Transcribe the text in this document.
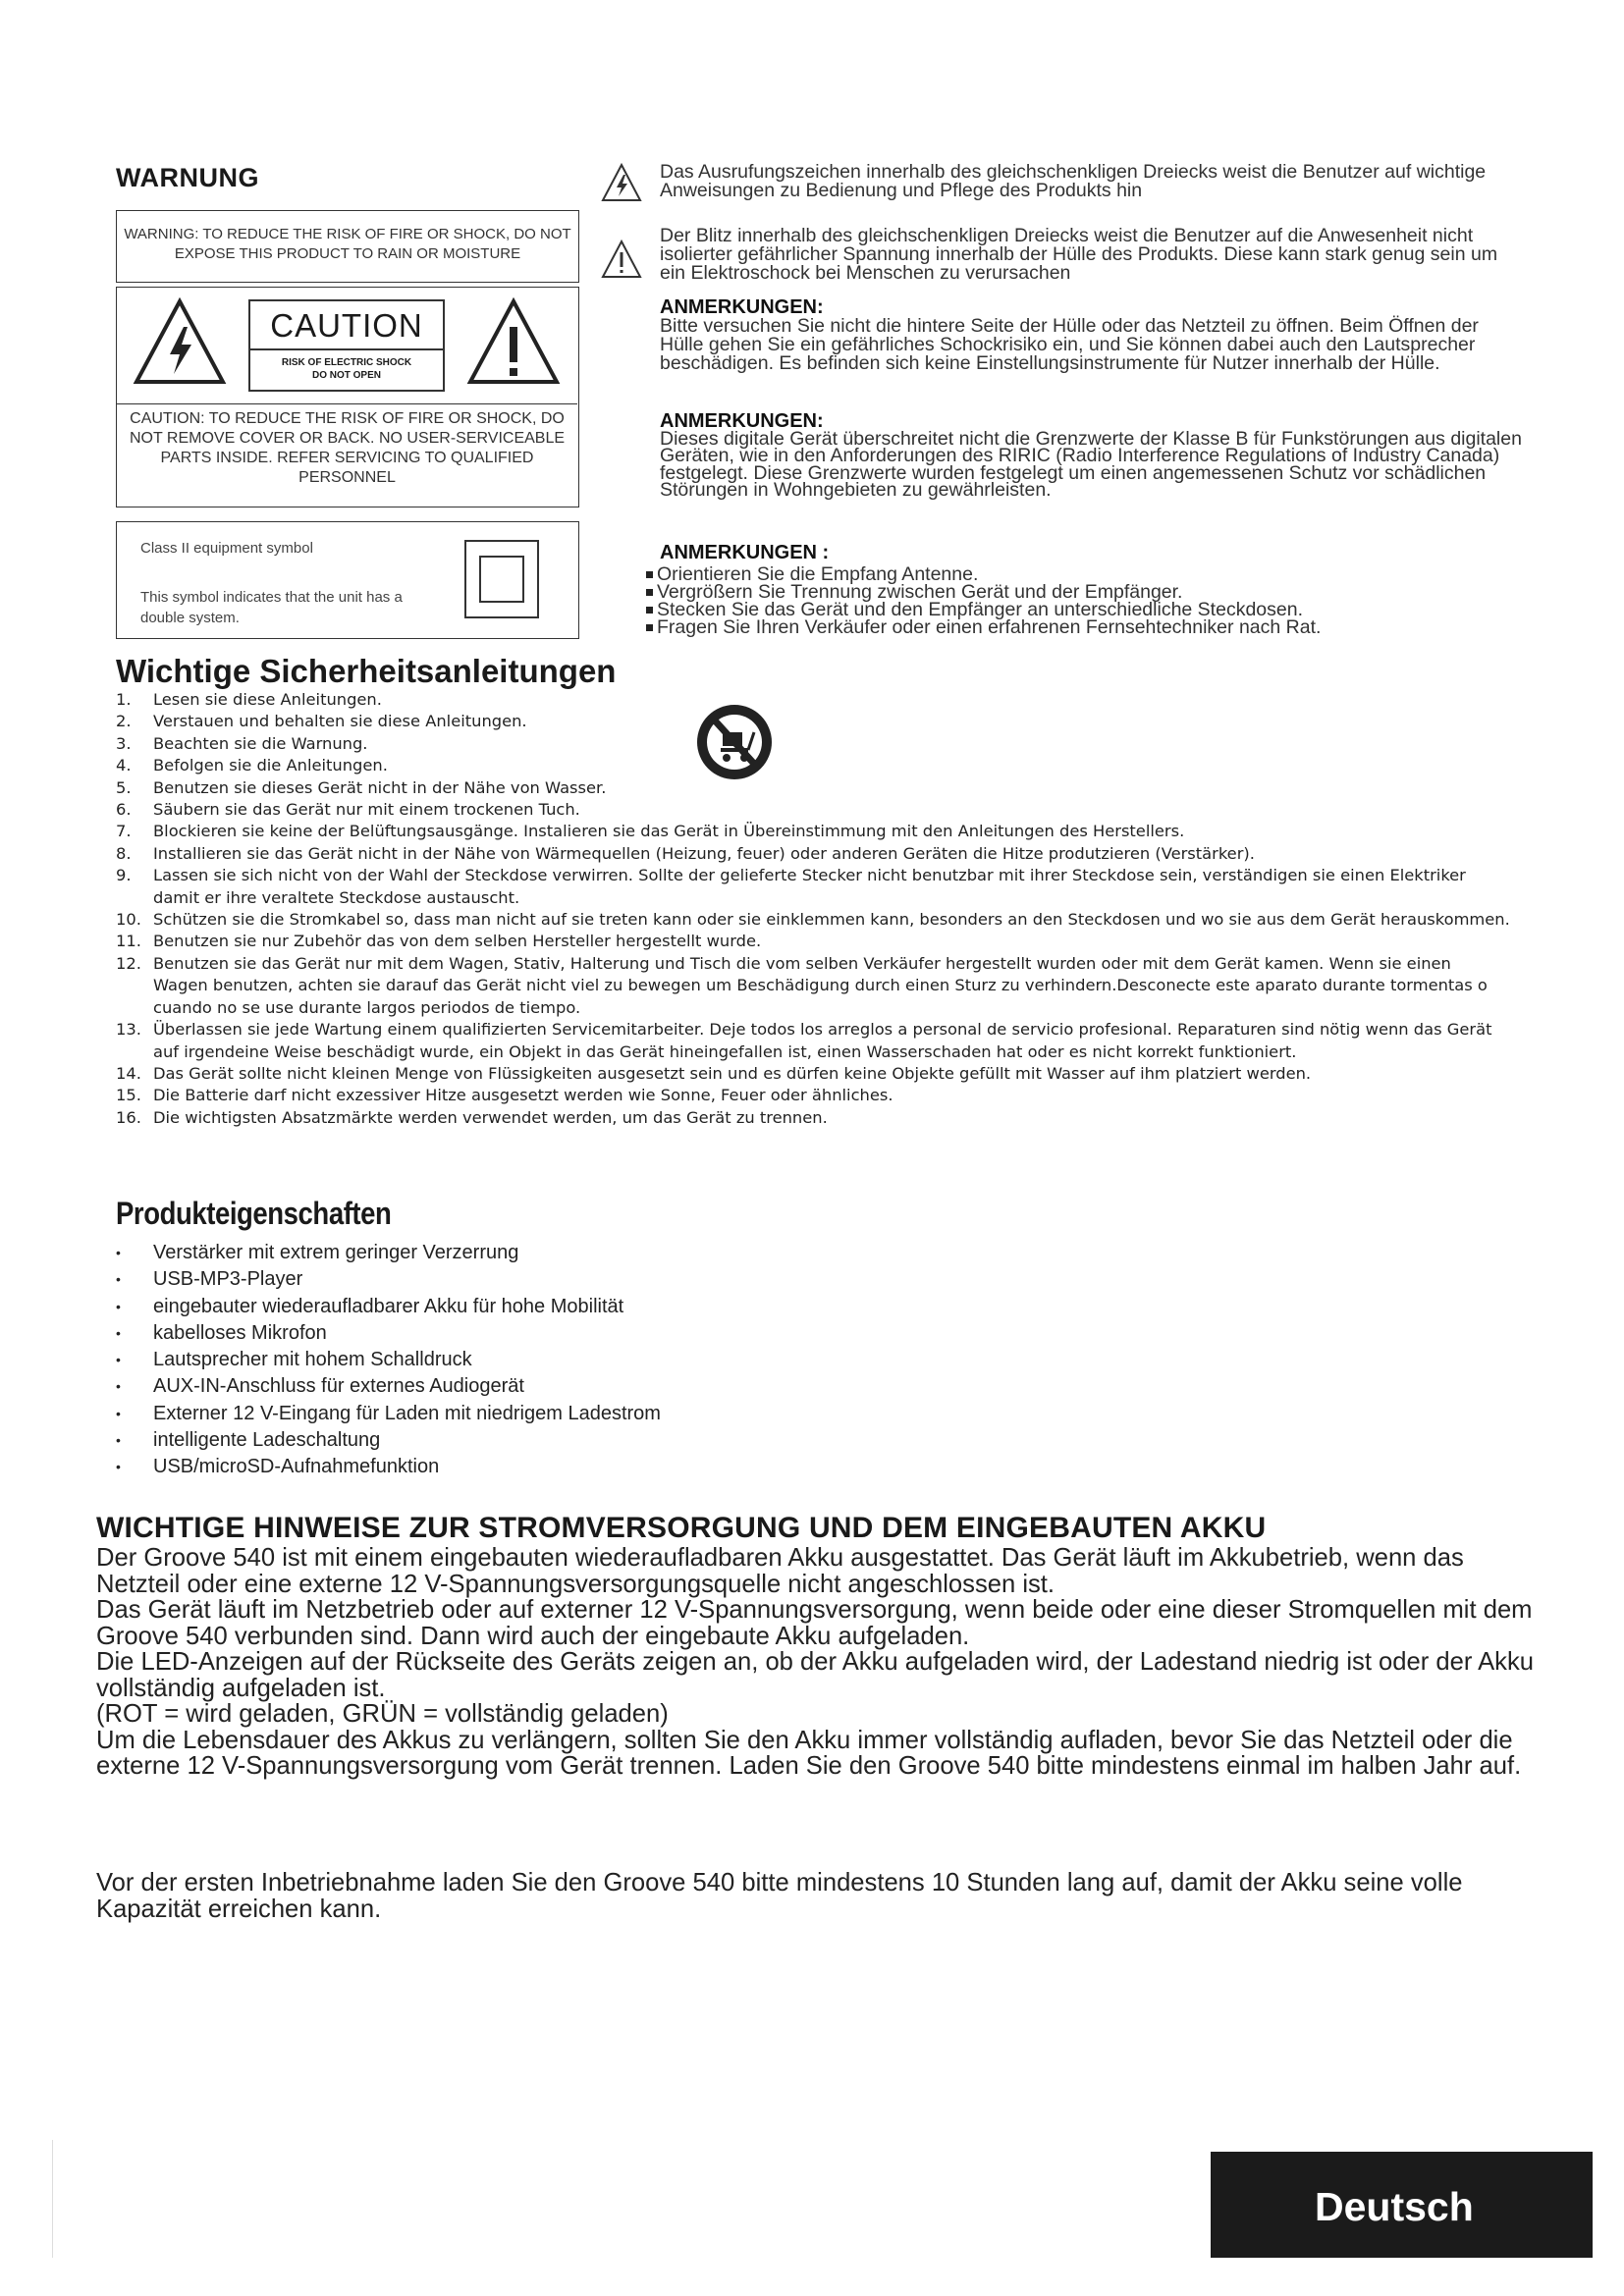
WARNUNG
WARNING: TO REDUCE THE RISK OF FIRE OR SHOCK, DO NOT EXPOSE THIS PRODUCT TO RAIN OR MOISTURE
CAUTION
RISK OF ELECTRIC SHOCK
DO NOT OPEN
CAUTION: TO REDUCE THE RISK OF FIRE OR SHOCK, DO NOT REMOVE COVER OR BACK. NO USER-SERVICEABLE PARTS INSIDE. REFER SERVICING TO QUALIFIED PERSONNEL
Class II equipment symbol
This symbol indicates that the unit has a double system.
Das Ausrufungszeichen innerhalb des gleichschenkligen Dreiecks weist die Benutzer auf wichtige Anweisungen zu Bedienung und Pflege des Produkts hin
Der Blitz innerhalb des gleichschenkligen Dreiecks weist die Benutzer auf die Anwesenheit nicht isolierter gefährlicher Spannung innerhalb der Hülle des Produkts. Diese kann stark genug sein um ein Elektroschock bei Menschen zu verursachen
ANMERKUNGEN:
Bitte versuchen Sie nicht die hintere Seite der Hülle oder das Netzteil zu öffnen. Beim Öffnen der Hülle gehen Sie ein gefährliches Schockrisiko ein, und Sie können dabei auch den Lautsprecher beschädigen. Es befinden sich keine Einstellungsinstrumente für Nutzer innerhalb der Hülle.
ANMERKUNGEN:
Dieses digitale Gerät überschreitet nicht die Grenzwerte der Klasse B für Funkstörungen aus digitalen Geräten, wie in den Anforderungen des RIRIC (Radio Interference Regulations of Industry Canada) festgelegt. Diese Grenzwerte wurden festgelegt um einen angemessenen Schutz vor schädlichen Störungen in Wohngebieten zu gewährleisten.
ANMERKUNGEN :
Orientieren Sie die Empfang Antenne.
Vergrößern Sie Trennung zwischen Gerät und der Empfänger.
Stecken Sie das Gerät und den Empfänger an unterschiedliche Steckdosen.
Fragen Sie Ihren Verkäufer oder einen erfahrenen Fernsehtechniker nach Rat.
Wichtige Sicherheitsanleitungen
1.	Lesen sie diese Anleitungen.
2.	Verstauen und behalten sie diese Anleitungen.
3.	Beachten sie die Warnung.
4.	Befolgen sie die Anleitungen.
5.	Benutzen sie dieses Gerät nicht in der Nähe von Wasser.
6.	Säubern sie das Gerät nur mit einem trockenen Tuch.
7.	Blockieren sie keine der Belüftungsausgänge. Instalieren sie das Gerät in Übereinstimmung mit den Anleitungen des Herstellers.
8.	Installieren sie das Gerät nicht in der Nähe von Wärmequellen (Heizung, feuer) oder anderen Geräten die Hitze produtzieren (Verstärker).
9.	Lassen sie sich nicht von der Wahl der Steckdose verwirren. Sollte der gelieferte Stecker nicht benutzbar mit ihrer Steckdose sein, verständigen sie einen Elektriker damit er ihre veraltete Steckdose austauscht.
10. Schützen sie die Stromkabel so, dass man nicht auf sie treten kann oder sie einklemmen kann, besonders an den Steckdosen und wo sie aus dem Gerät herauskommen.
11. Benutzen sie nur Zubehör das von dem selben Hersteller hergestellt wurde.
12. Benutzen sie das Gerät nur mit dem Wagen, Stativ, Halterung und Tisch die vom selben Verkäufer hergestellt wurden oder mit dem Gerät kamen. Wenn sie einen Wagen benutzen, achten sie darauf das Gerät nicht viel zu bewegen um Beschädigung durch einen Sturz zu verhindern.Desconecte este aparato durante tormentas o cuando no se use durante largos periodos de tiempo.
13. Überlassen sie jede Wartung einem qualifizierten Servicemitarbeiter. Deje todos los arreglos a personal de servicio profesional. Reparaturen sind nötig wenn das Gerät auf irgendeine Weise beschädigt wurde, ein Objekt in das Gerät hineingefallen ist, einen Wasserschaden hat oder es nicht korrekt funktioniert.
14. Das Gerät sollte nicht kleinen Menge von Flüssigkeiten ausgesetzt sein und es dürfen keine Objekte gefüllt mit Wasser auf ihm platziert werden.
15. Die Batterie darf nicht exzessiver Hitze ausgesetzt werden wie Sonne, Feuer oder ähnliches.
16. Die wichtigsten Absatzmärkte werden verwendet werden, um das Gerät zu trennen.
Produkteigenschaften
•	Verstärker mit extrem geringer Verzerrung
•	USB-MP3-Player
•	eingebauter wiederaufladbarer Akku für hohe Mobilität
•	kabelloses Mikrofon
•	Lautsprecher mit hohem Schalldruck
•	AUX-IN-Anschluss für externes Audiogerät
•	Externer 12 V-Eingang für Laden mit niedrigem Ladestrom
•	intelligente Ladeschaltung
•	USB/microSD-Aufnahmefunktion
WICHTIGE HINWEISE ZUR STROMVERSORGUNG UND DEM EINGEBAUTEN AKKU

Der Groove 540 ist mit einem eingebauten wiederaufladbaren Akku ausgestattet. Das Gerät läuft im Akkubetrieb, wenn das Netzteil oder eine externe 12 V-Spannungsversorgungsquelle nicht angeschlossen ist.

Das Gerät läuft im Netzbetrieb oder auf externer 12 V-Spannungsversorgung, wenn beide oder eine dieser Stromquellen mit dem Groove 540 verbunden sind. Dann wird auch der eingebaute Akku aufgeladen.

Die LED-Anzeigen auf der Rückseite des Geräts zeigen an, ob der Akku aufgeladen wird, der Ladestand niedrig ist oder der Akku vollständig aufgeladen ist.

(ROT = wird geladen, GRÜN = vollständig geladen)

Um die Lebensdauer des Akkus zu verlängern, sollten Sie den Akku immer vollständig aufladen, bevor Sie das Netzteil oder die externe 12 V-Spannungsversorgung vom Gerät trennen. Laden Sie den Groove 540 bitte mindestens einmal im halben Jahr auf.

Vor der ersten Inbetriebnahme laden Sie den Groove 540 bitte mindestens 10 Stunden lang auf, damit der Akku seine volle Kapazität erreichen kann.

Deutsch
